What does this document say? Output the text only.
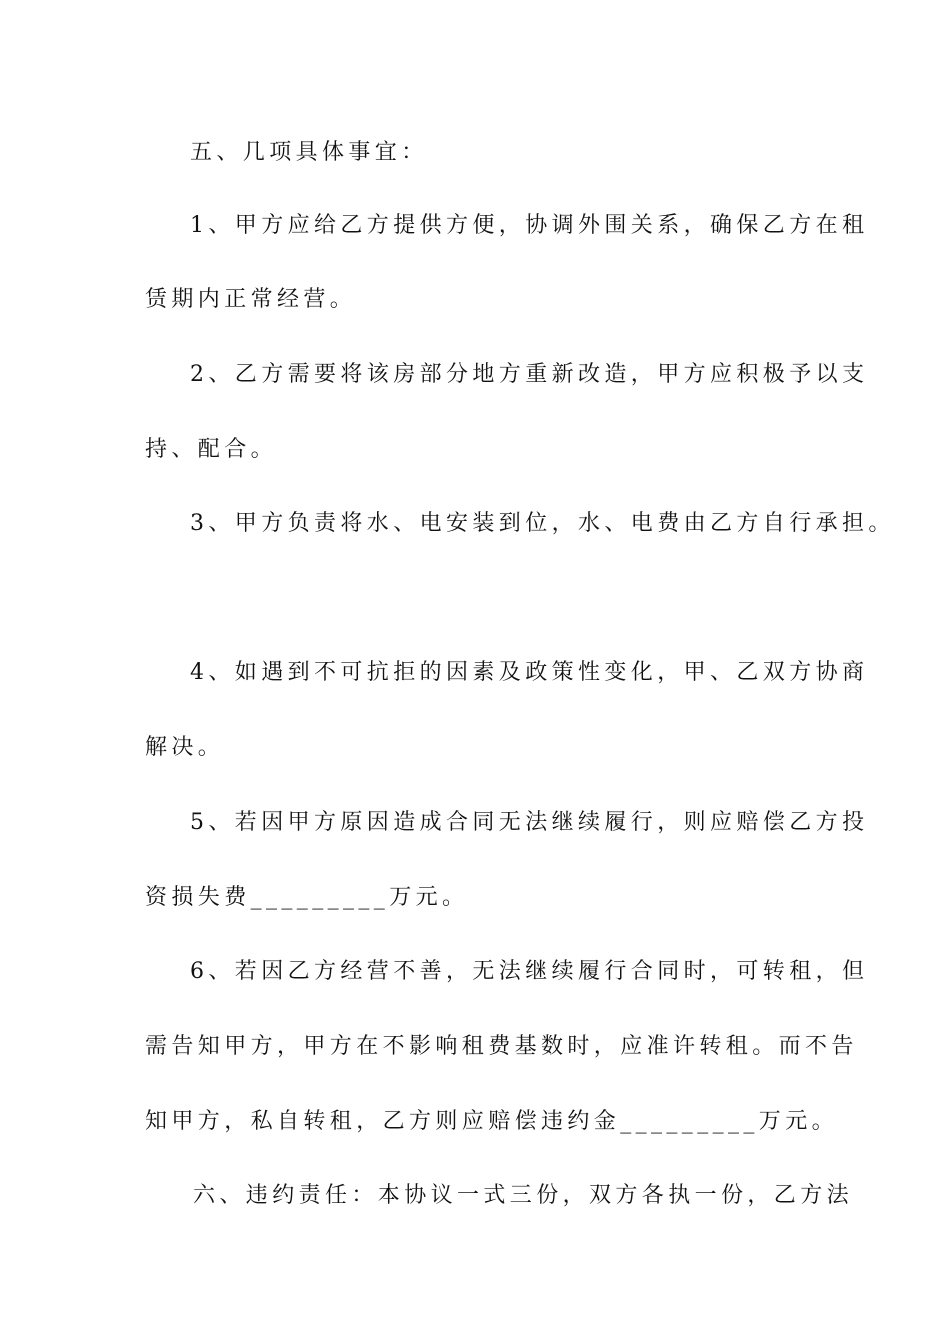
五、几项具体事宜：
1、甲方应给乙方提供方便，协调外围关系，确保乙方在租
赁期内正常经营。
2、乙方需要将该房部分地方重新改造，甲方应积极予以支
持、配合。
3、甲方负责将水、电安装到位，水、电费由乙方自行承担。
4、如遇到不可抗拒的因素及政策性变化，甲、乙双方协商
解决。
5、若因甲方原因造成合同无法继续履行，则应赔偿乙方投
资损失费_________万元。
6、若因乙方经营不善，无法继续履行合同时，可转租，但
需告知甲方，甲方在不影响租费基数时，应准许转租。而不告
知甲方，私自转租，乙方则应赔偿违约金_________万元。
六、违约责任：本协议一式三份，双方各执一份，乙方法
